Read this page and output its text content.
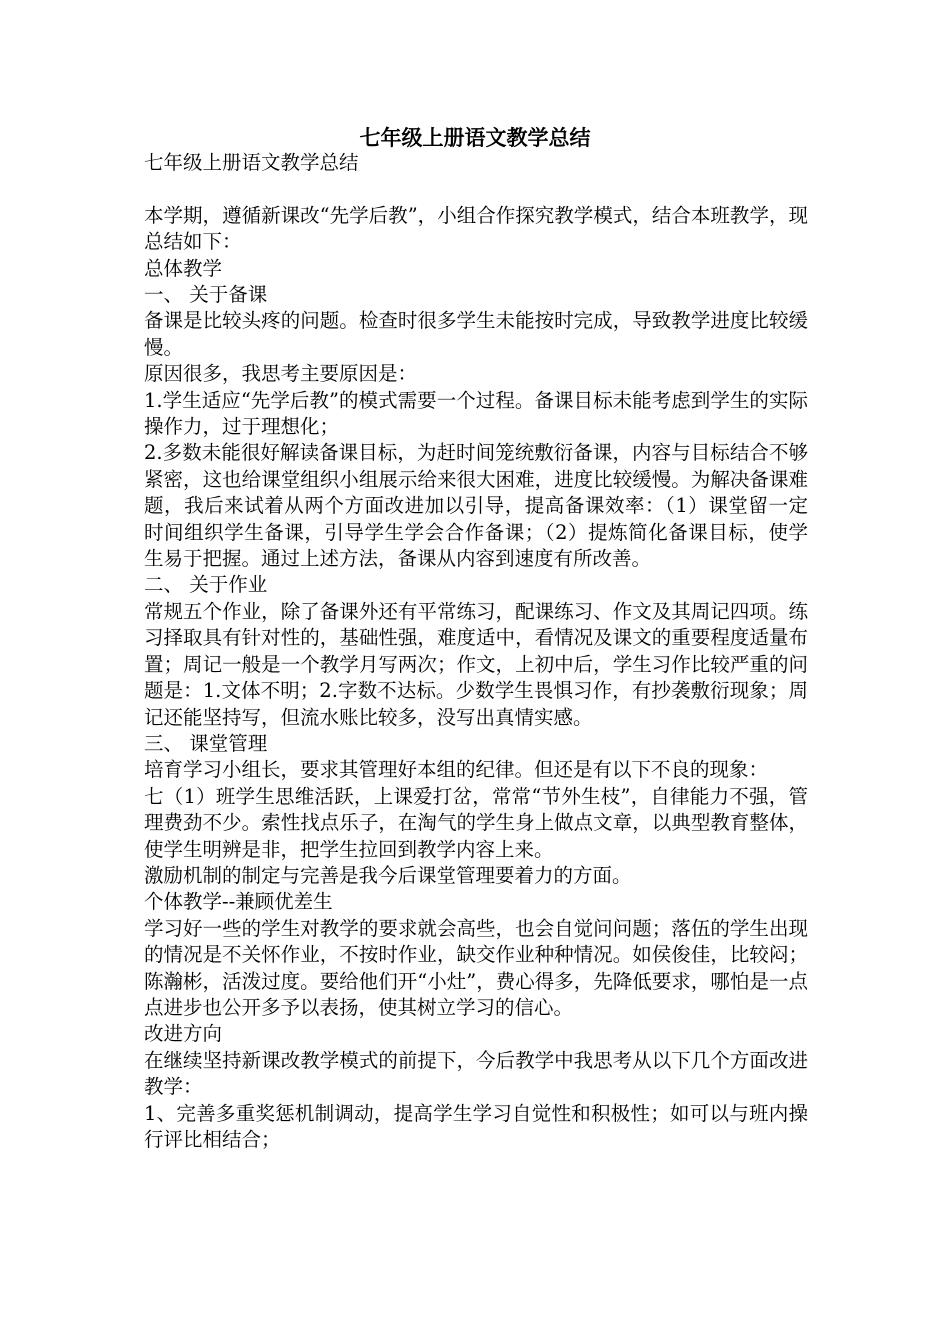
七年级上册语文教学总结

七年级上册语文教学总结

本学期，遵循新课改“先学后教”，小组合作探究教学模式，结合本班教学，现总结如下：

总体教学

一、 关于备课

备课是比较头疼的问题。检查时很多学生未能按时完成，导致教学进度比较缓慢。

原因很多，我思考主要原因是：

1.学生适应“先学后教”的模式需要一个过程。备课目标未能考虑到学生的实际操作力，过于理想化；

2.多数未能很好解读备课目标，为赶时间笼统敷衍备课，内容与目标结合不够紧密，这也给课堂组织小组展示给来很大困难，进度比较缓慢。为解决备课难题，我后来试着从两个方面改进加以引导，提高备课效率：（1）课堂留一定时间组织学生备课，引导学生学会合作备课；（2）提炼简化备课目标，使学生易于把握。通过上述方法，备课从内容到速度有所改善。

二、 关于作业

常规五个作业，除了备课外还有平常练习，配课练习、作文及其周记四项。练习择取具有针对性的，基础性强，难度适中，看情况及课文的重要程度适量布置；周记一般是一个教学月写两次；作文，上初中后，学生习作比较严重的问题是：1.文体不明；2.字数不达标。少数学生畏惧习作，有抄袭敷衍现象；周记还能坚持写，但流水账比较多，没写出真情实感。

三、 课堂管理

培育学习小组长，要求其管理好本组的纪律。但还是有以下不良的现象：

七（1）班学生思维活跃，上课爱打岔，常常“节外生枝”，自律能力不强，管理费劲不少。索性找点乐子，在淘气的学生身上做点文章，以典型教育整体，使学生明辨是非，把学生拉回到教学内容上来。

激励机制的制定与完善是我今后课堂管理要着力的方面。

个体教学--兼顾优差生

学习好一些的学生对教学的要求就会高些，也会自觉问问题；落伍的学生出现的情况是不关怀作业，不按时作业，缺交作业种种情况。如侯俊佳，比较闷；陈瀚彬，活泼过度。要给他们开“小灶”，费心得多，先降低要求，哪怕是一点点进步也公开多予以表扬，使其树立学习的信心。

改进方向

在继续坚持新课改教学模式的前提下，今后教学中我思考从以下几个方面改进教学：

1、完善多重奖惩机制调动，提高学生学习自觉性和积极性；如可以与班内操行评比相结合；
